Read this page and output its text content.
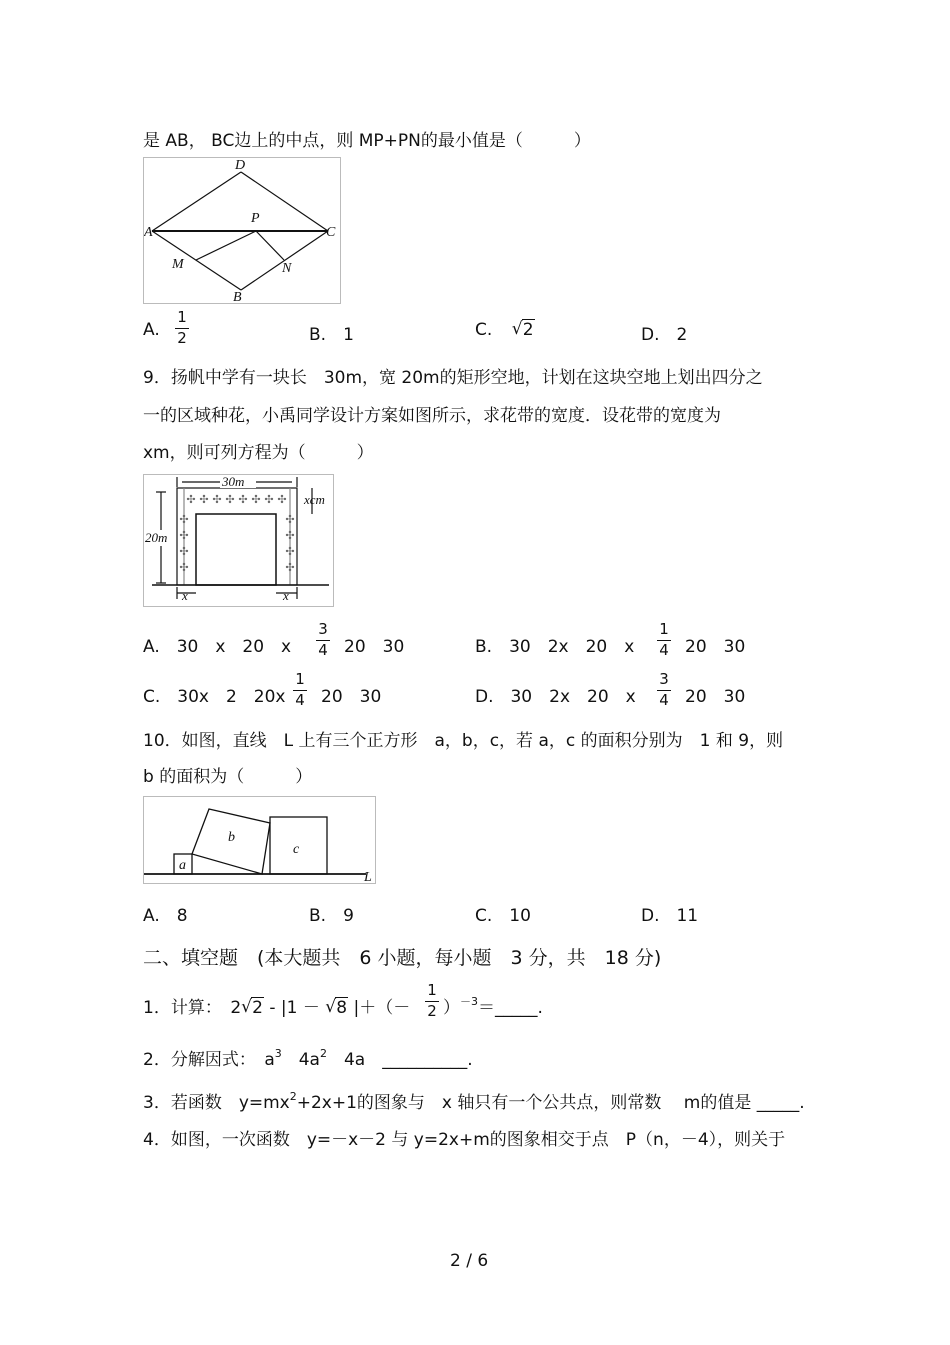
是 AB， BC边上的中点，则 MP+PN的最小值是（　　　）
D
A	C
P
M	N
B
A.
1
2	B.　1	C. √ 2	D.　2
9．扬帆中学有一块长　30m，宽 20m的矩形空地，计划在这块空地上划出四分之
一的区域种花，小禹同学设计方案如图所示，求花带的宽度．设花带的宽度为
xm，则可列方程为（　　　）
✣ ✣ ✣ ✣ ✣ ✣ ✣ ✣
✣
✣
✣
✣
✣
✣
✣
✣
30m
20m
xcm
x	x
A.　30　x　20　x
3
4 20　30	B.　30　2x　20　x
1
4 20　30
C.　30x　2　20x
1
4 20　30	D.　30　2x　20　x
3
4 20　30
10．如图，直线　L 上有三个正方形　a，b，c，若 a，c 的面积分别为　1 和 9，则
b 的面积为（　　　）
a
b
c
L
A.　8	B.　9	C.　10	D.　11
二、填空题　(本大题共　6 小题，每小题　3 分，共　18 分)
1．计算：　2 √ 2 - |1 － √ 8 |＋（－
1
2 ）$^{-3}$＝_____.
2．分解因式：　$a^3$　$4a^2$　4a　__________.
3．若函数　$y=mx^2+2x+1$的图象与　x 轴只有一个公共点，则常数　 m的值是 _____.
4．如图，一次函数　y=－x－2 与 y=2x+m的图象相交于点　P（n，－4），则关于
2 / 6
